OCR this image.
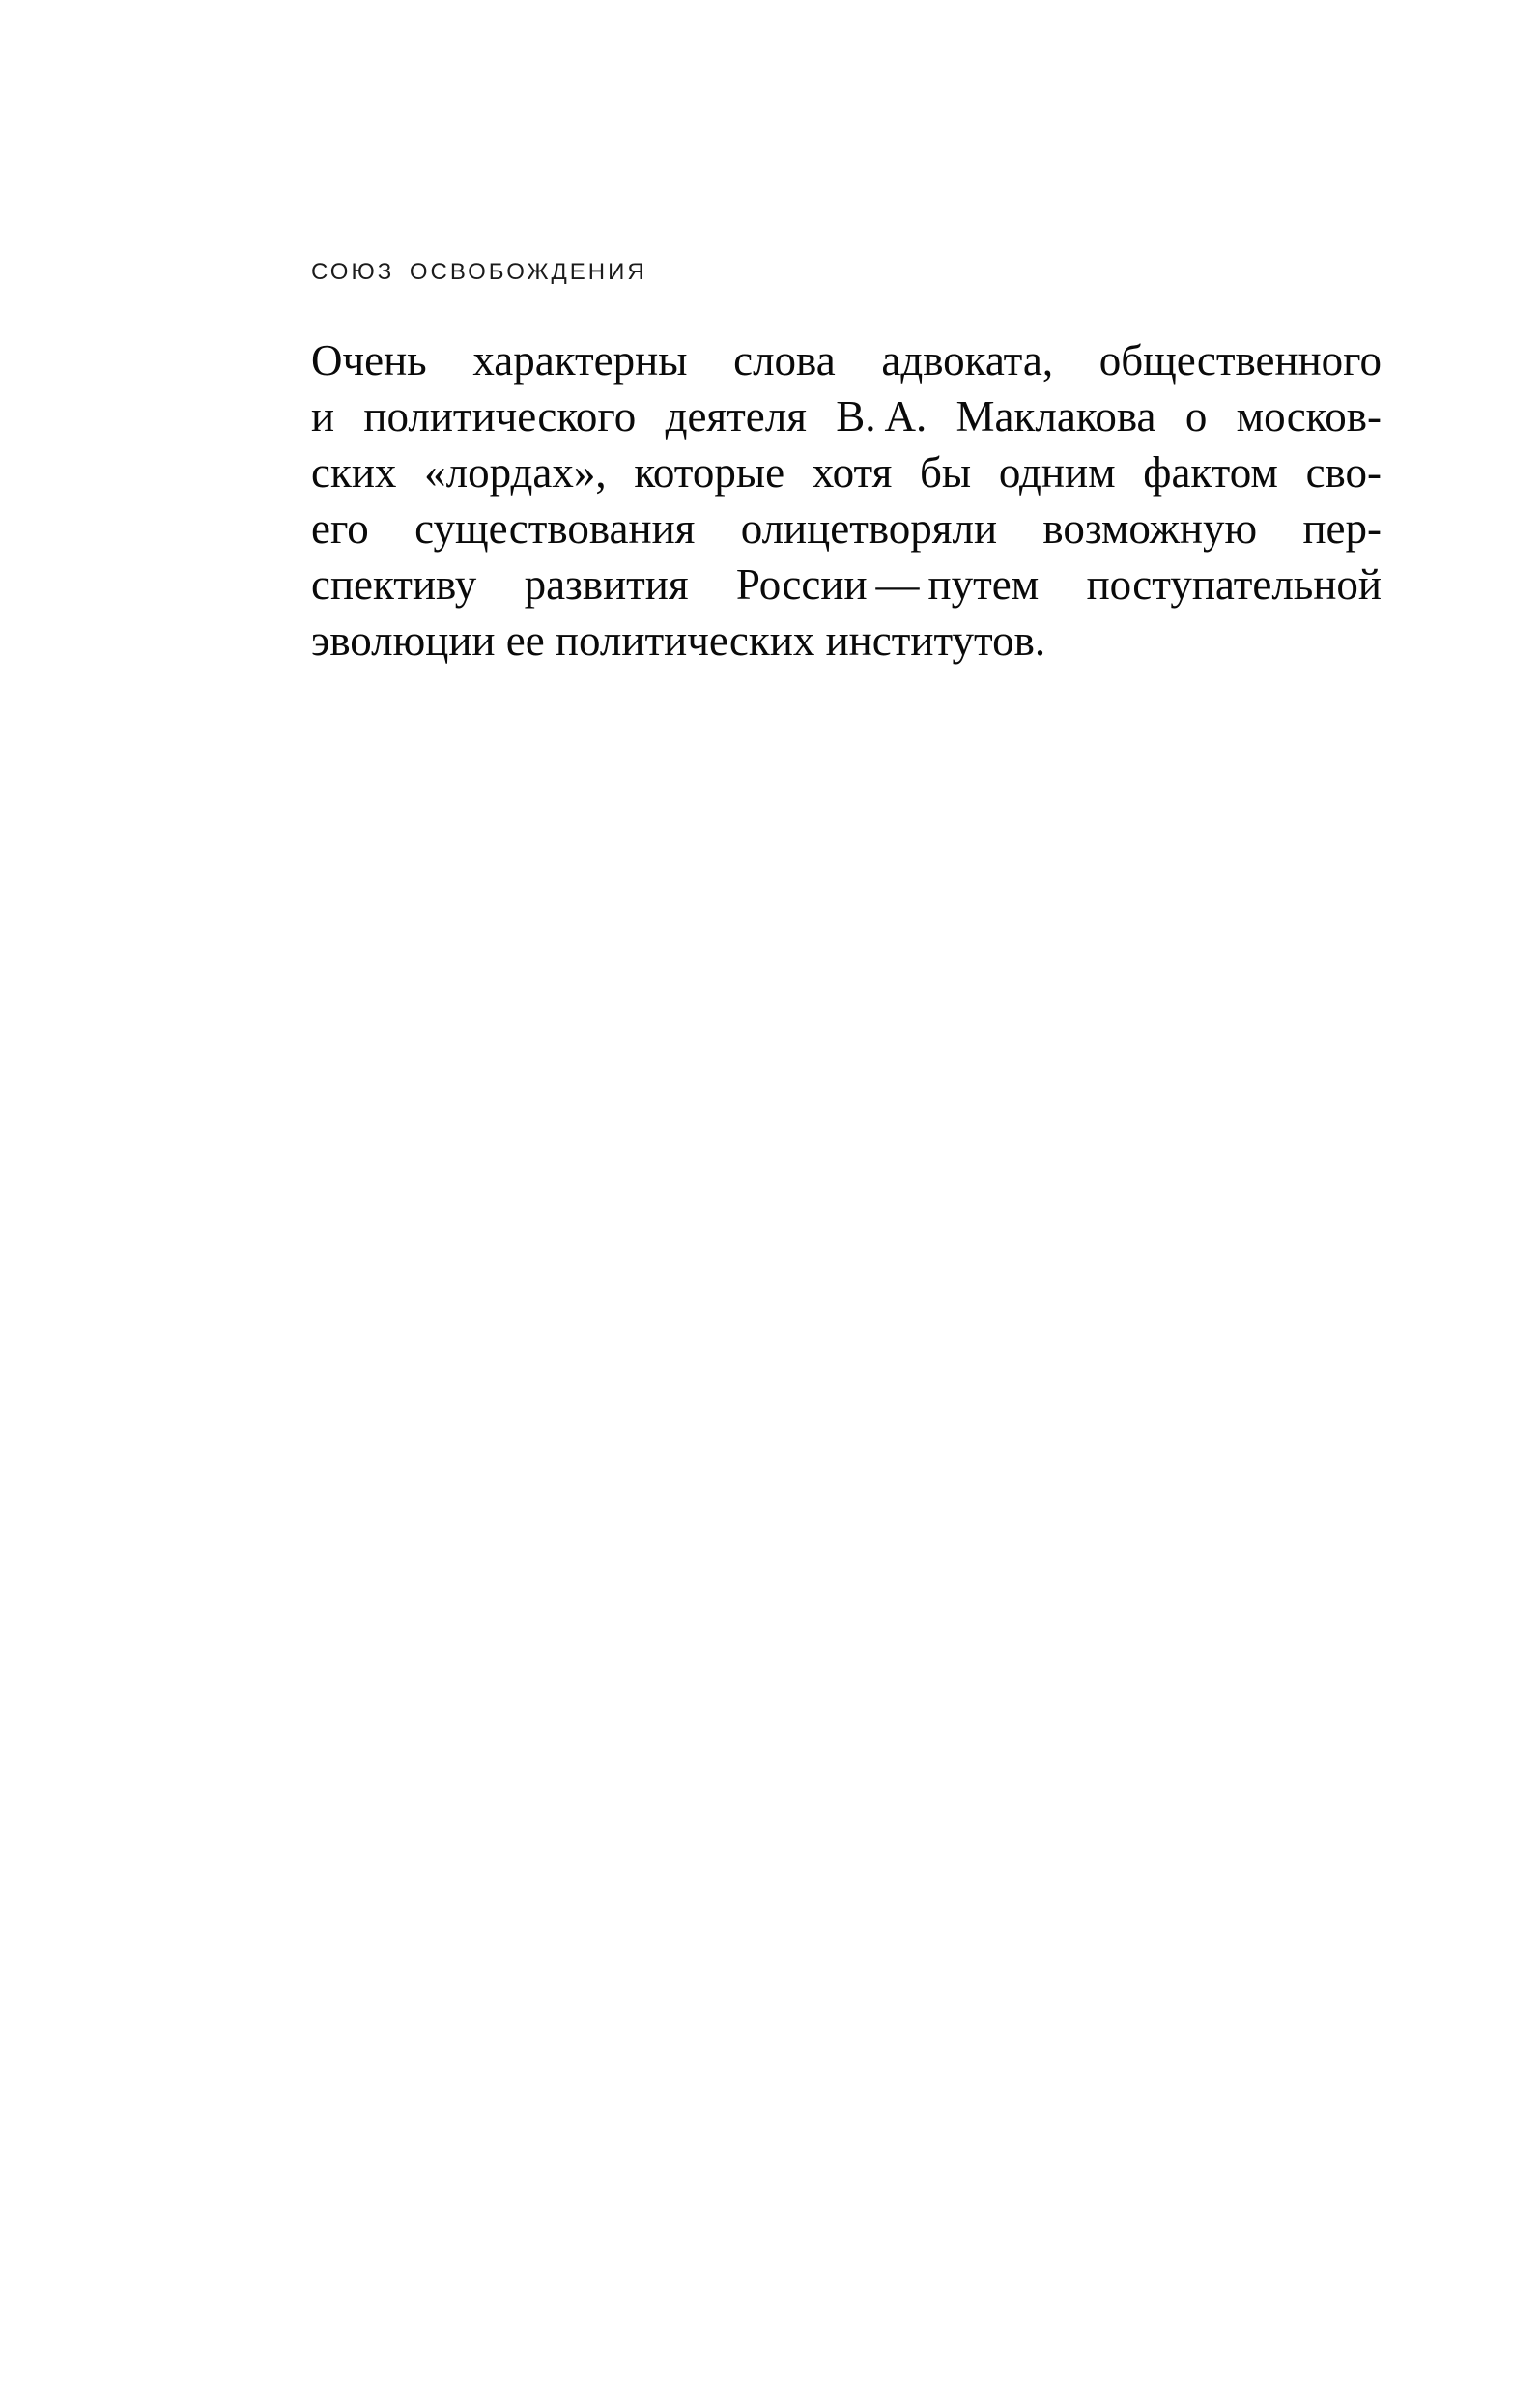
СОЮЗ ОСВОБОЖДЕНИЯ
Очень характерны слова адвоката, общественного
и политического деятеля В. А. Маклакова о москов-
ских «лордах», которые хотя бы одним фактом сво-
его существования олицетворяли возможную пер-
спективу развития России — путем поступательной
эволюции ее политических институтов.
